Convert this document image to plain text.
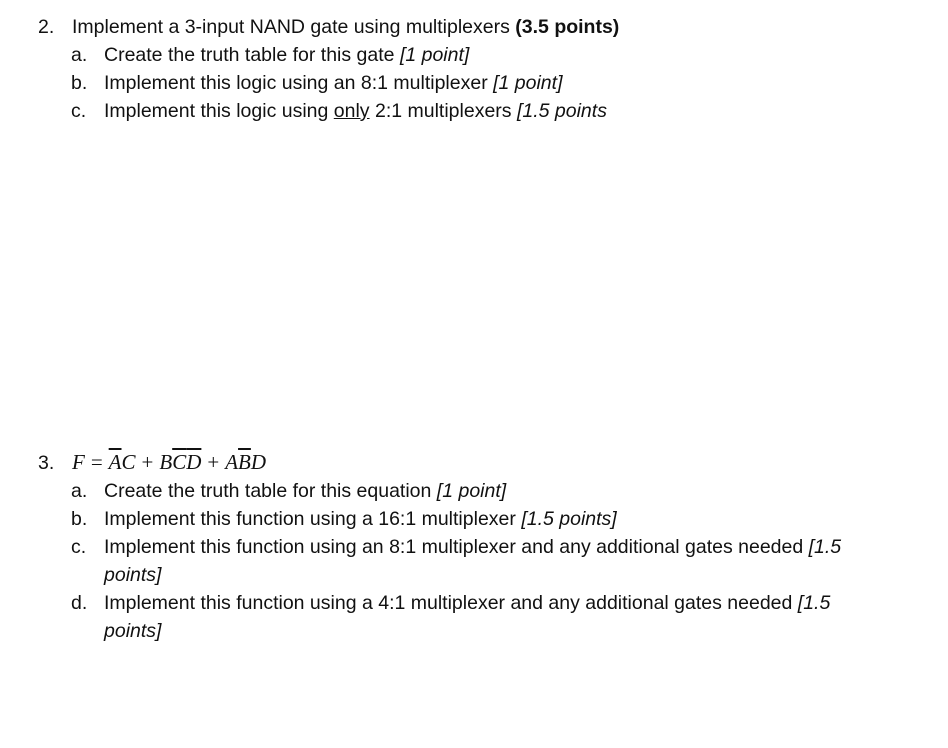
2. Implement a 3-input NAND gate using multiplexers (3.5 points)
a. Create the truth table for this gate [1 point]
b. Implement this logic using an 8:1 multiplexer [1 point]
c. Implement this logic using only 2:1 multiplexers [1.5 points
3. $F = \overline{A}C + B\overline{C}\overline{D} + A\overline{B}D$
a. Create the truth table for this equation [1 point]
b. Implement this function using a 16:1 multiplexer [1.5 points]
c. Implement this function using an 8:1 multiplexer and any additional gates needed [1.5
points]
d. Implement this function using a 4:1 multiplexer and any additional gates needed [1.5
points]
